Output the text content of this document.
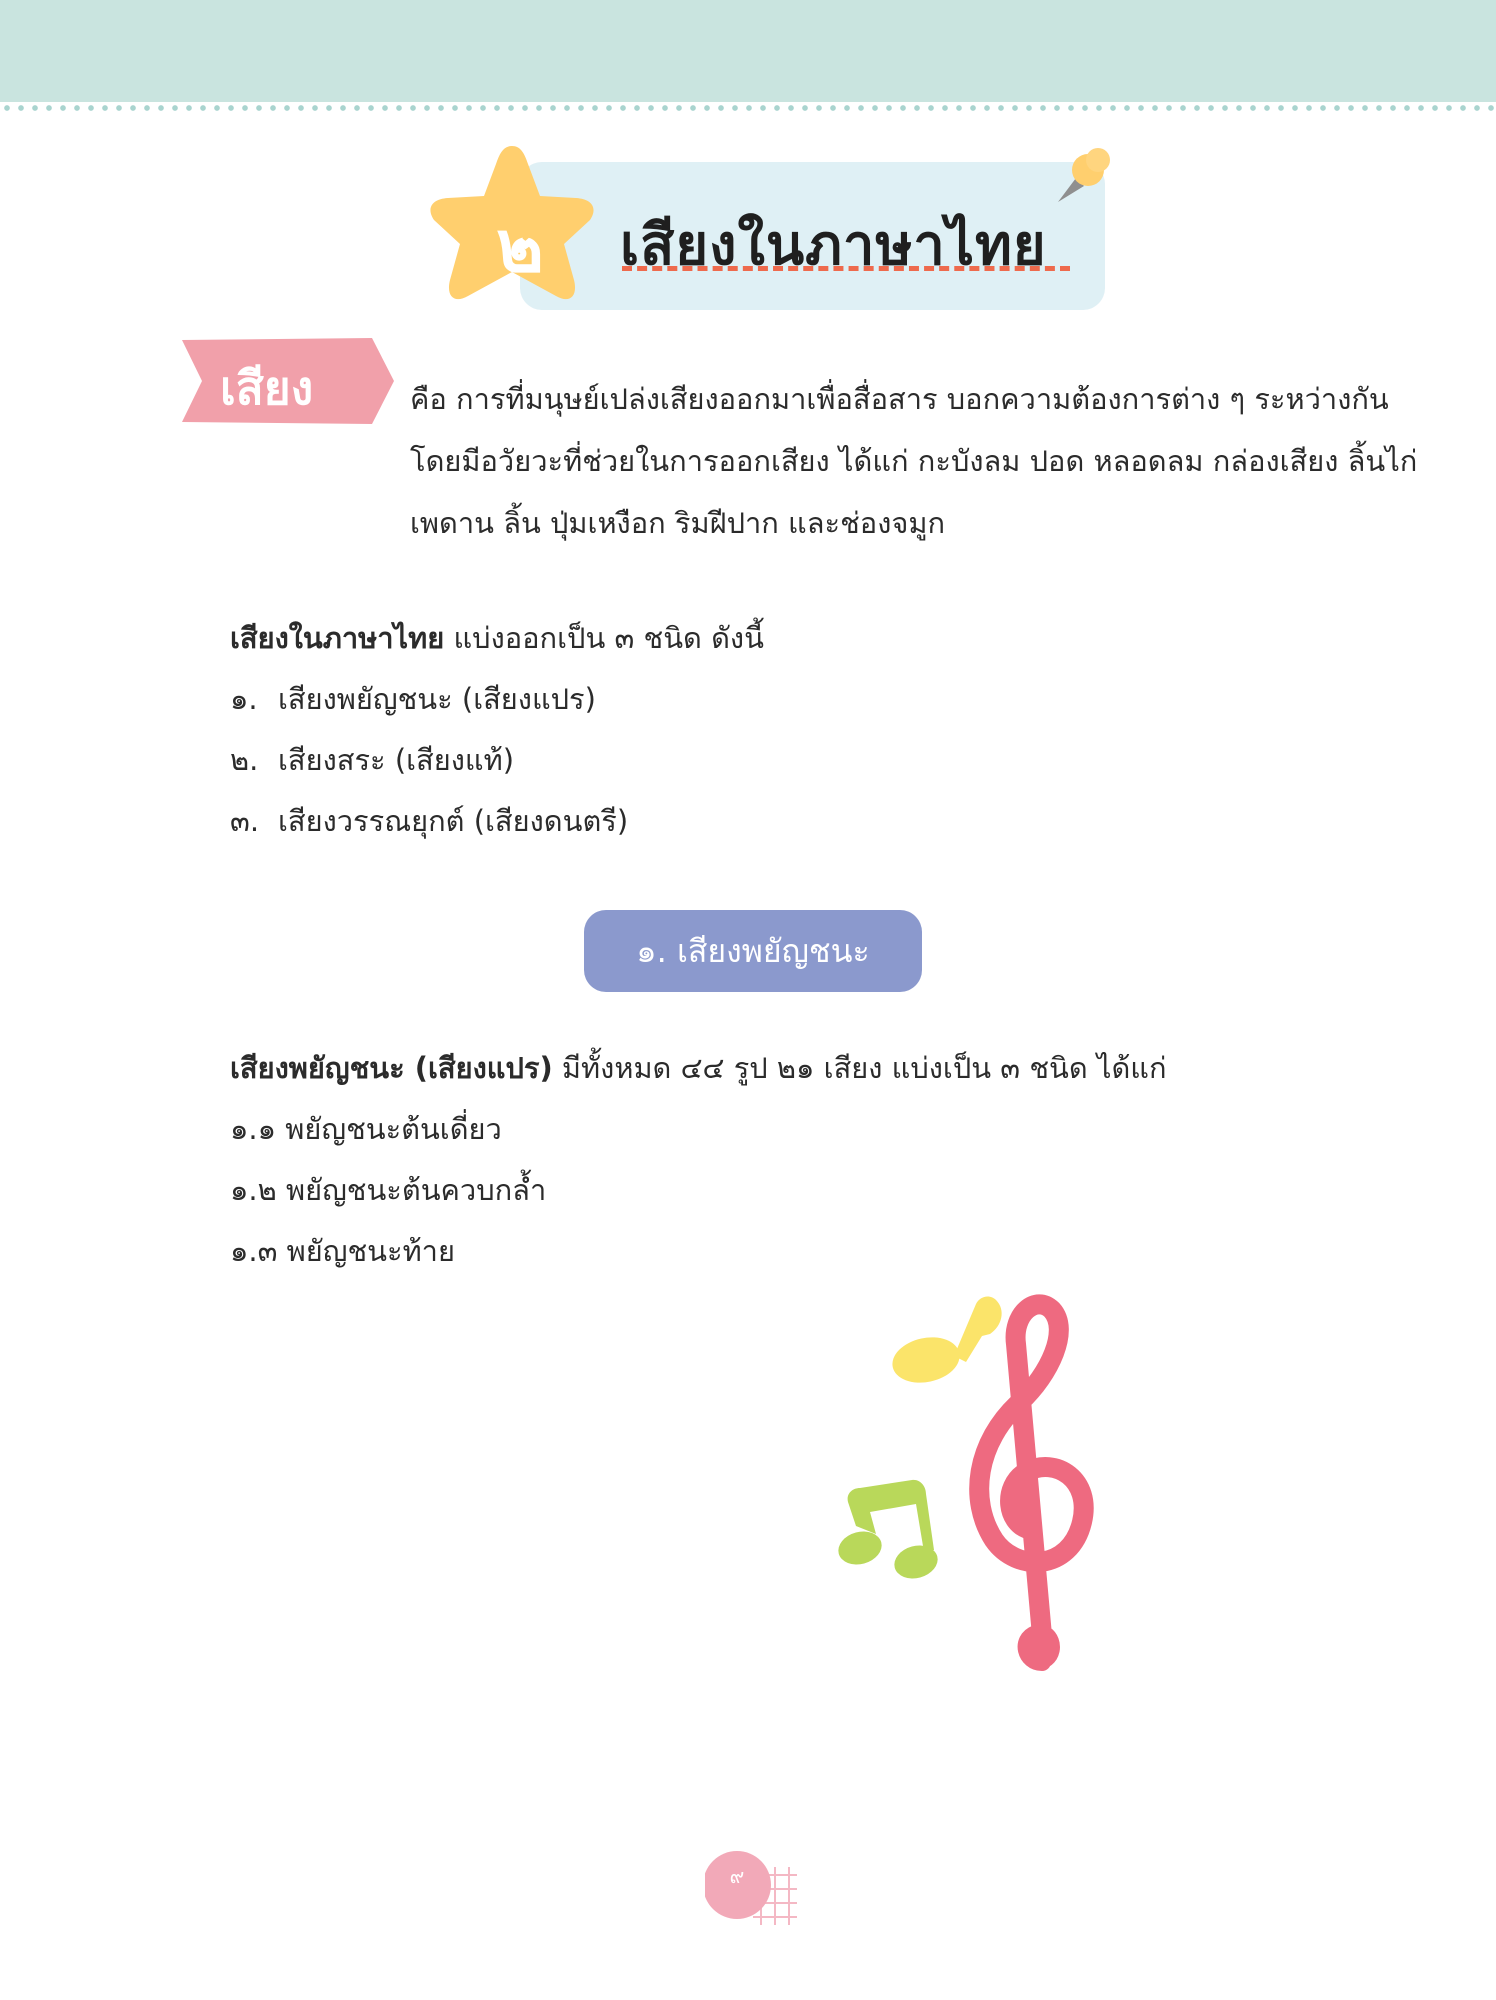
๒	เสียงในภาษาไทย
เสียง	คือ การที่มนุษย์เปล่งเสียงออกมาเพื่อสื่อสาร บอกความต้องการต่าง ๆ ระหว่างกัน

โดยมีอวัยวะที่ช่วยในการออกเสียง ได้แก่ กะบังลม ปอด หลอดลม กล่องเสียง ลิ้นไก่

เพดาน ลิ้น ปุ่มเหงือก ริมฝีปาก และช่องจมูก

เสียงในภาษาไทย แบ่งออกเป็น ๓ ชนิด ดังนี้
๑. เสียงพยัญชนะ (เสียงแปร)
๒. เสียงสระ (เสียงแท้)
๓. เสียงวรรณยุกต์ (เสียงดนตรี)
๑. เสียงพยัญชนะ
เสียงพยัญชนะ (เสียงแปร) มีทั้งหมด ๔๔ รูป ๒๑ เสียง แบ่งเป็น ๓ ชนิด ได้แก่
๑.๑ พยัญชนะต้นเดี่ยว
๑.๒ พยัญชนะต้นควบกล้ำ
๑.๓ พยัญชนะท้าย
๙
